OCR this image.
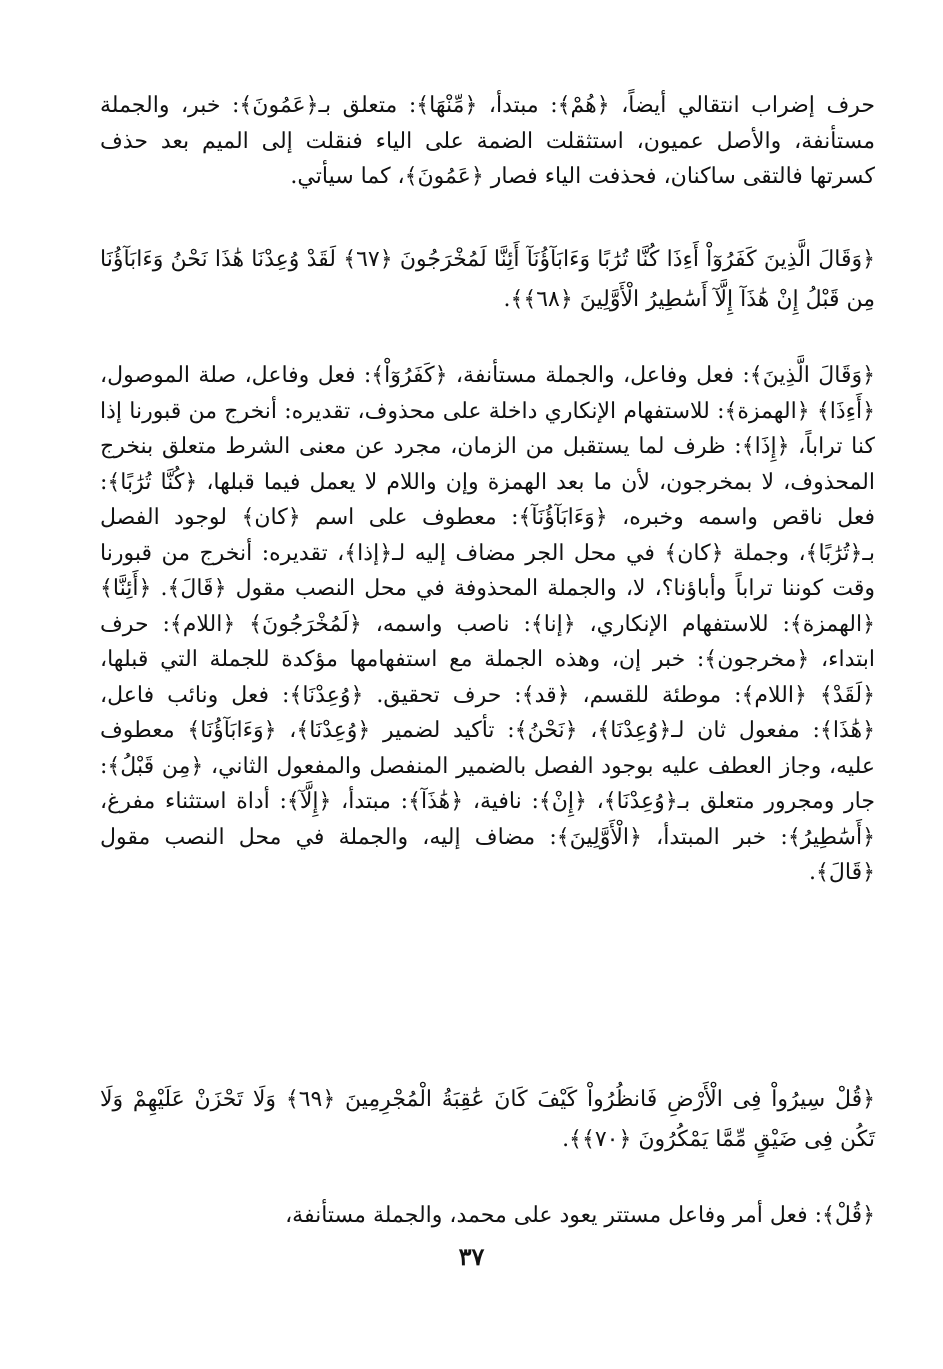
حرف إضراب انتقالي أيضاً، ﴿هُمْ﴾: مبتدأ، ﴿مِّنْهَا﴾: متعلق بـ﴿عَمُونَ﴾: خبر، والجملة مستأنفة، والأصل عميون، استثقلت الضمة على الياء فنقلت إلى الميم بعد حذف كسرتها فالتقى ساكنان، فحذفت الياء فصار ﴿عَمُونَ﴾، كما سيأتي.

﴿وَقَالَ الَّذِينَ كَفَرُوٓاْ أَءِذَا كُنَّا تُرَٰبًا وَءَابَآؤُنَآ أَئِنَّا لَمُخْرَجُونَ ﴿٦٧﴾ لَقَدْ وُعِدْنَا هَٰذَا نَحْنُ وَءَابَآؤُنَا مِن قَبْلُ إِنْ هَٰذَآ إِلَّآ أَسَٰطِيرُ الْأَوَّلِينَ ﴿٦٨﴾﴾.

﴿وَقَالَ الَّذِينَ﴾: فعل وفاعل، والجملة مستأنفة، ﴿كَفَرُوٓاْ﴾: فعل وفاعل، صلة الموصول، ﴿أَءِذَا﴾ ﴿الهمزة﴾: للاستفهام الإنكاري داخلة على محذوف، تقديره: أنخرج من قبورنا إذا كنا تراباً، ﴿إِذَا﴾: ظرف لما يستقبل من الزمان، مجرد عن معنى الشرط متعلق بنخرج المحذوف، لا بمخرجون، لأن ما بعد الهمزة وإن واللام لا يعمل فيما قبلها، ﴿كُنَّا تُرَٰبًا﴾: فعل ناقص واسمه وخبره، ﴿وَءَابَآؤُنَآ﴾: معطوف على اسم ﴿كان﴾ لوجود الفصل بـ﴿تُرَٰبًا﴾، وجملة ﴿كان﴾ في محل الجر مضاف إليه لـ﴿إذا﴾، تقديره: أنخرج من قبورنا وقت كوننا تراباً وأباؤنا؟، لا، والجملة المحذوفة في محل النصب مقول ﴿قَالَ﴾. ﴿أَئِنَّا﴾ ﴿الهمزة﴾: للاستفهام الإنكاري، ﴿إنا﴾: ناصب واسمه، ﴿لَمُخْرَجُونَ﴾ ﴿اللام﴾: حرف ابتداء، ﴿مخرجون﴾: خبر إن، وهذه الجملة مع استفهامها مؤكدة للجملة التي قبلها، ﴿لَقَدْ﴾ ﴿اللام﴾: موطئة للقسم، ﴿قد﴾: حرف تحقيق. ﴿وُعِدْنَا﴾: فعل ونائب فاعل، ﴿هَٰذَا﴾: مفعول ثان لـ﴿وُعِدْنَا﴾، ﴿نَحْنُ﴾: تأكيد لضمير ﴿وُعِدْنَا﴾، ﴿وَءَابَآؤُنَا﴾ معطوف عليه، وجاز العطف عليه بوجود الفصل بالضمير المنفصل والمفعول الثاني، ﴿مِن قَبْلُ﴾: جار ومجرور متعلق بـ﴿وُعِدْنَا﴾، ﴿إِنْ﴾: نافية، ﴿هَٰذَآ﴾: مبتدأ، ﴿إِلَّآ﴾: أداة استثناء مفرغ، ﴿أَسَٰطِيرُ﴾: خبر المبتدأ، ﴿الْأَوَّلِينَ﴾: مضاف إليه، والجملة في محل النصب مقول ﴿قَالَ﴾.

﴿قُلْ سِيرُواْ فِى الْأَرْضِ فَانظُرُواْ كَيْفَ كَانَ عَٰقِبَةُ الْمُجْرِمِينَ ﴿٦٩﴾ وَلَا تَحْزَنْ عَلَيْهِمْ وَلَا تَكُن فِى ضَيْقٍ مِّمَّا يَمْكُرُونَ ﴿٧٠﴾﴾.

﴿قُلْ﴾: فعل أمر وفاعل مستتر يعود على محمد، والجملة مستأنفة،

٣٧
